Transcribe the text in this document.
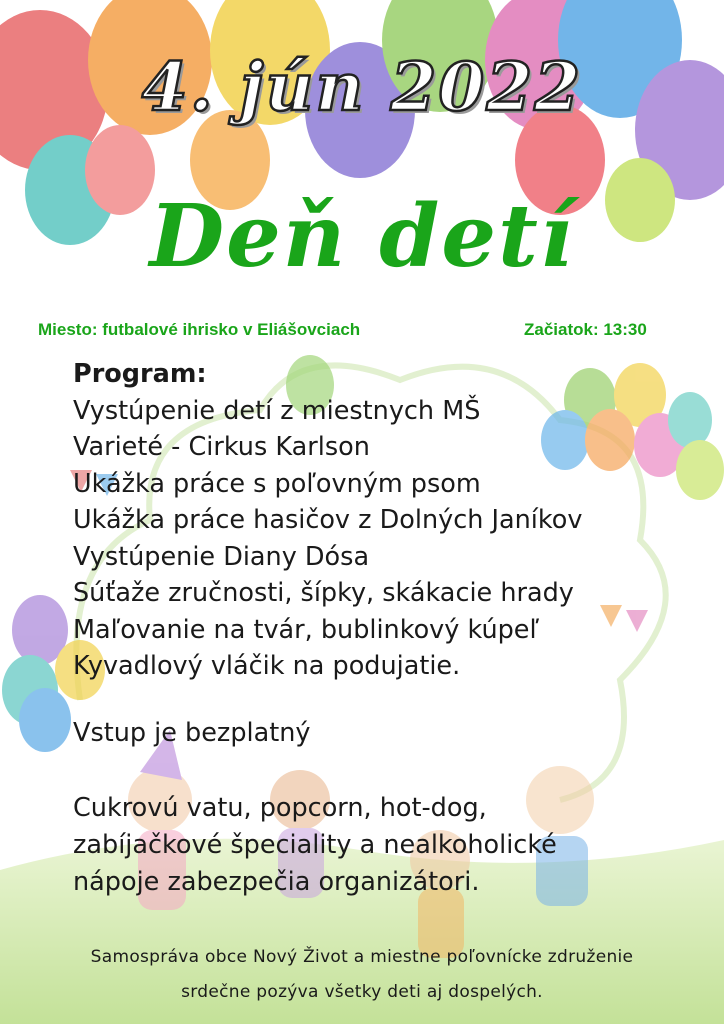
4. jún 2022
Deň detí
Miesto: futbalové ihrisko v Eliášovciach	Začiatok: 13:30
Program:
Vystúpenie detí z miestnych MŠ
Varieté - Cirkus Karlson
Ukážka práce s poľovným psom
Ukážka práce hasičov z Dolných Janíkov
Vystúpenie Diany Dósa
Súťaže zručnosti, šípky, skákacie hrady
Maľovanie na tvár, bublinkový kúpeľ
Kyvadlový vláčik na podujatie.
Vstup je bezplatný
Cukrovú vatu, popcorn, hot-dog,
zabíjačkové špeciality a nealkoholické
nápoje zabezpečia organizátori.
Samospráva obce Nový Život a miestne poľovnícke združenie
srdečne pozýva všetky deti aj dospelých.
